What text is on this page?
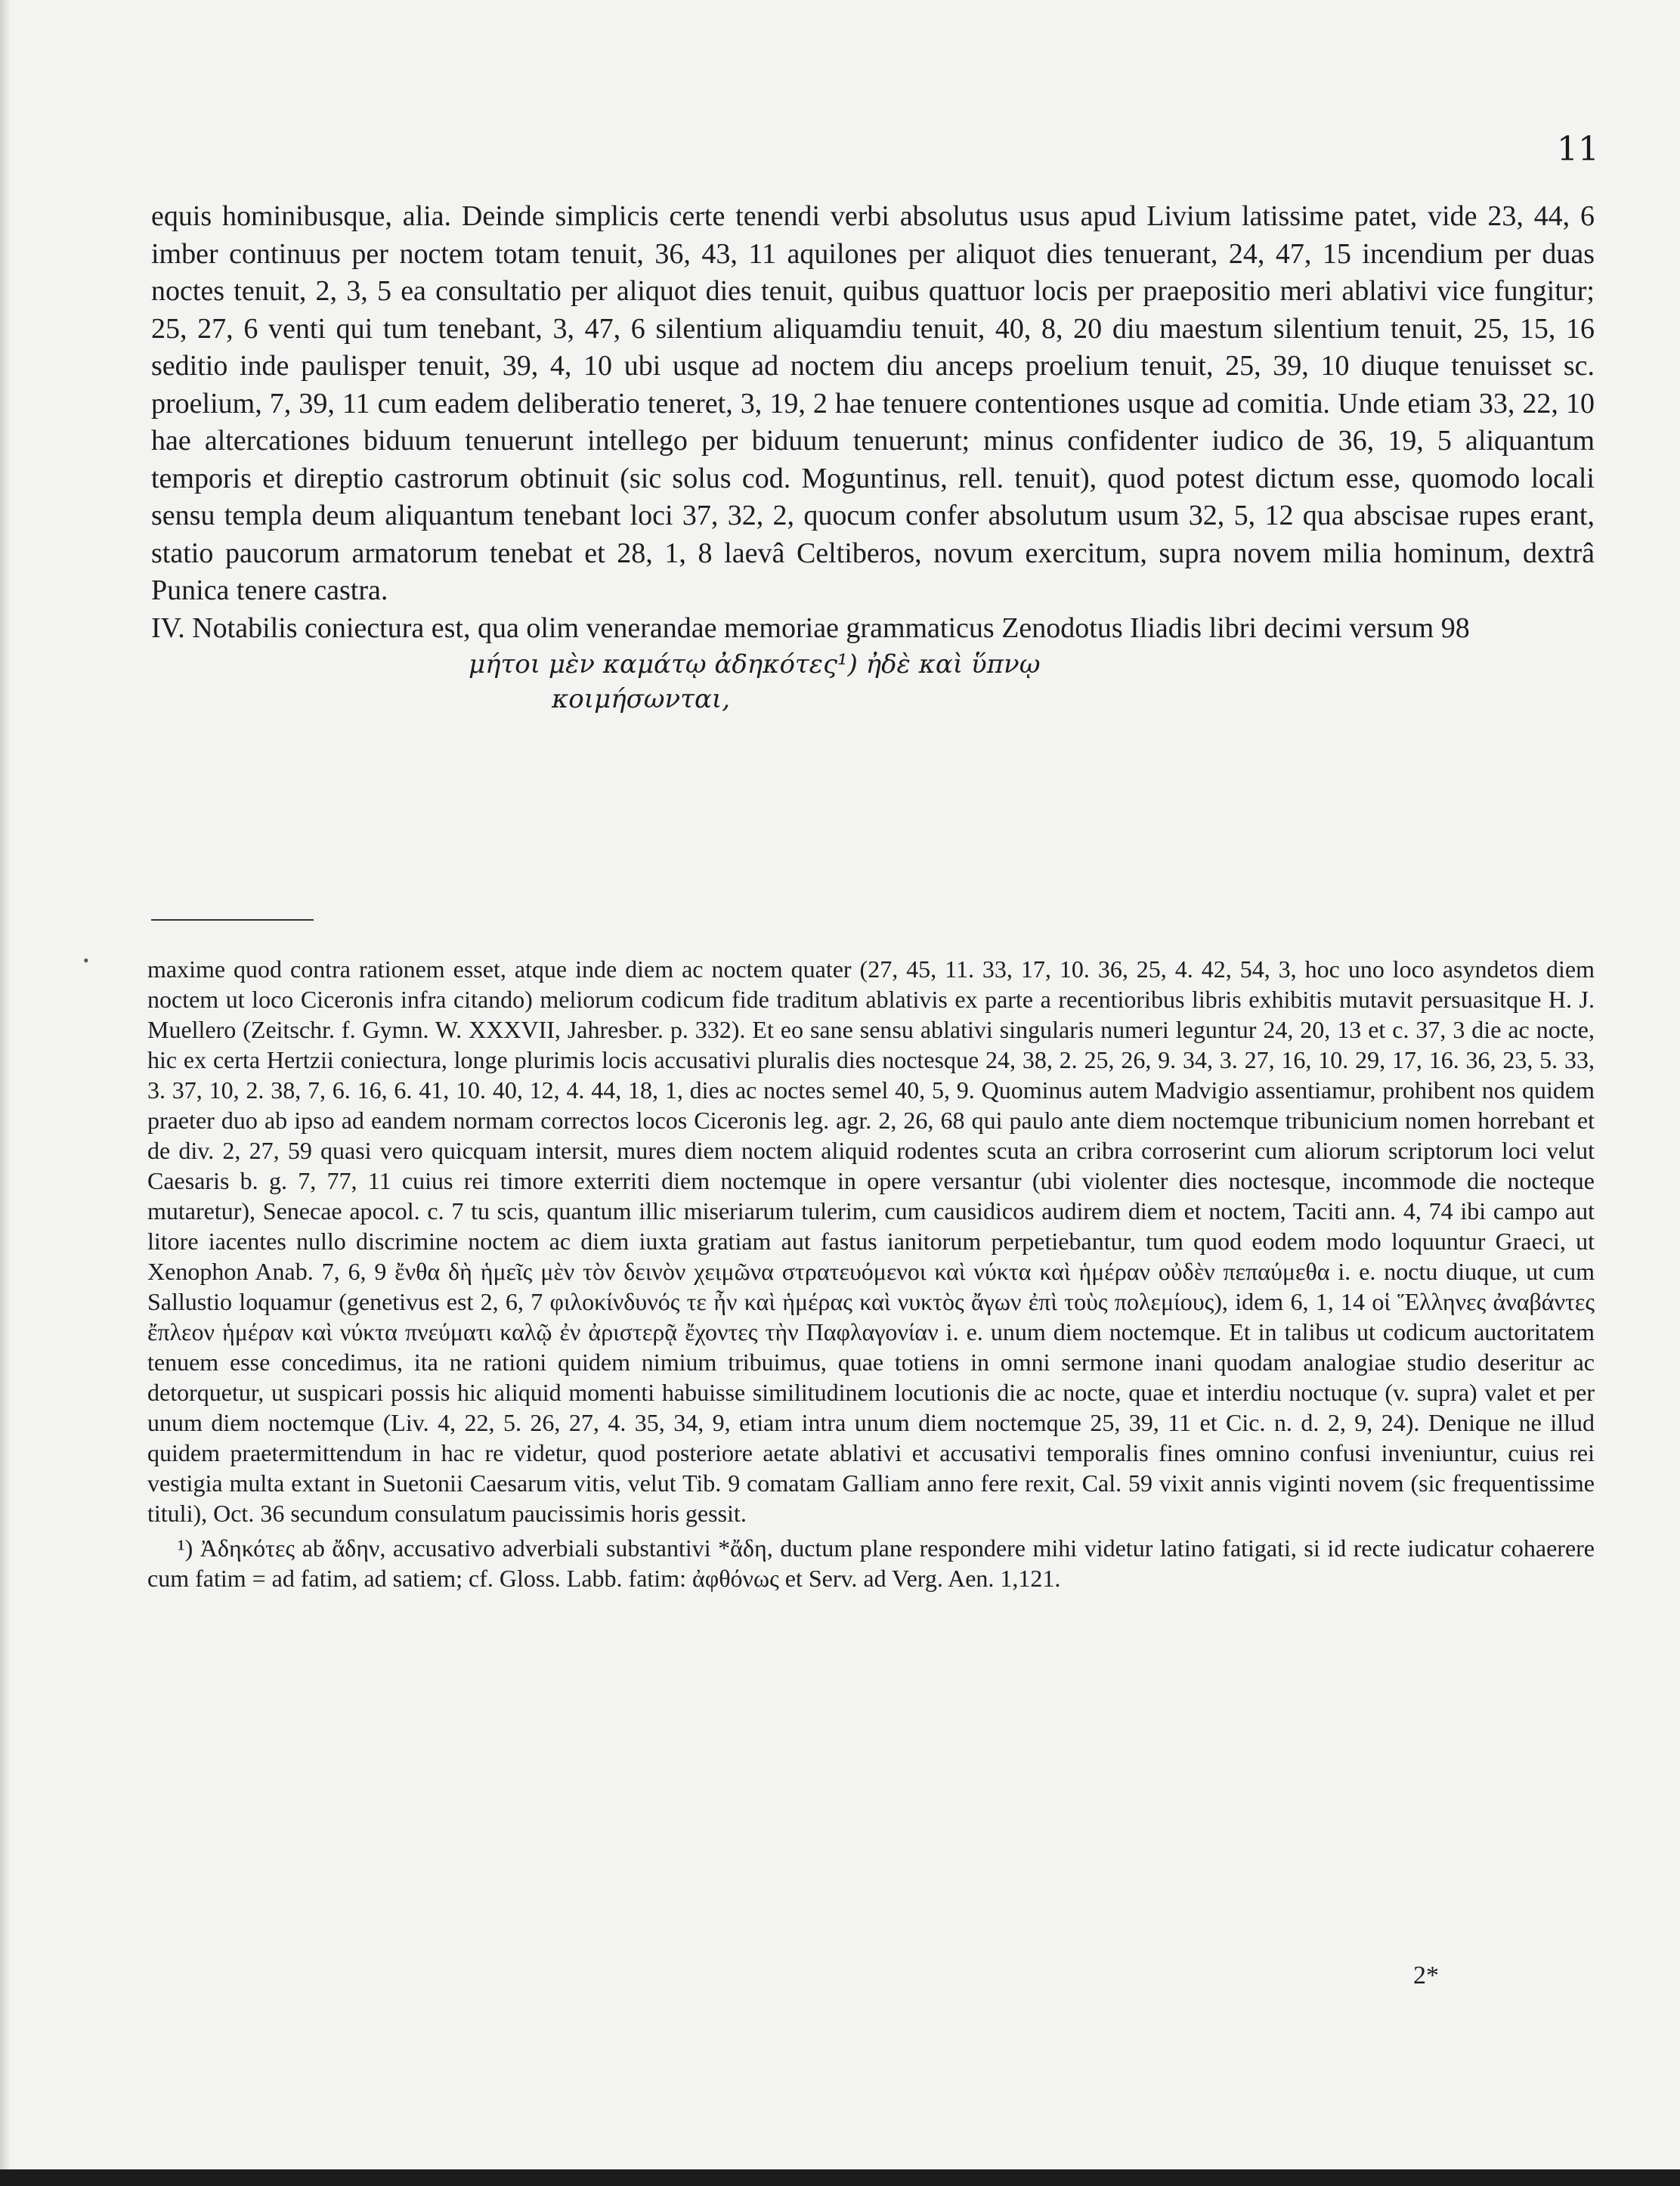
11

equis hominibusque, alia. Deinde simplicis certe tenendi verbi absolutus usus apud Livium latissime patet, vide 23, 44, 6 imber continuus per noctem totam tenuit, 36, 43, 11 aquilones per aliquot dies tenuerant, 24, 47, 15 incendium per duas noctes tenuit, 2, 3, 5 ea consultatio per aliquot dies tenuit, quibus quattuor locis per praepositio meri ablativi vice fungitur; 25, 27, 6 venti qui tum tenebant, 3, 47, 6 silentium aliquamdiu tenuit, 40, 8, 20 diu maestum silentium tenuit, 25, 15, 16 seditio inde paulisper tenuit, 39, 4, 10 ubi usque ad noctem diu anceps proelium tenuit, 25, 39, 10 diuque tenuisset sc. proelium, 7, 39, 11 cum eadem deliberatio teneret, 3, 19, 2 hae tenuere contentiones usque ad comitia. Unde etiam 33, 22, 10 hae altercationes biduum tenuerunt intellego per biduum tenuerunt; minus confidenter iudico de 36, 19, 5 aliquantum temporis et direptio castrorum obtinuit (sic solus cod. Moguntinus, rell. tenuit), quod potest dictum esse, quomodo locali sensu templa deum aliquantum tenebant loci 37, 32, 2, quocum confer absolutum usum 32, 5, 12 qua abscisae rupes erant, statio paucorum armatorum tenebat et 28, 1, 8 laevâ Celtiberos, novum exercitum, supra novem milia hominum, dextrâ Punica tenere castra.

IV. Notabilis coniectura est, qua olim venerandae memoriae grammaticus Zenodotus Iliadis libri decimi versum 98

μήτοι μὲν καμάτῳ ἀδηκότες¹) ἠδὲ καὶ ὕπνῳ
κοιμήσωνται,
• maxime quod contra rationem esset, atque inde diem ac noctem quater (27, 45, 11. 33, 17, 10. 36, 25, 4. 42, 54, 3, hoc uno loco asyndetos diem noctem ut loco Ciceronis infra citando) meliorum codicum fide traditum ablativis ex parte a recentioribus libris exhibitis mutavit persuasitque H. J. Muellero (Zeitschr. f. Gymn. W. XXXVII, Jahresber. p. 332). Et eo sane sensu ablativi singularis numeri leguntur 24, 20, 13 et c. 37, 3 die ac nocte, hic ex certa Hertzii coniectura, longe plurimis locis accusativi pluralis dies noctesque 24, 38, 2. 25, 26, 9. 34, 3. 27, 16, 10. 29, 17, 16. 36, 23, 5. 33, 3. 37, 10, 2. 38, 7, 6. 16, 6. 41, 10. 40, 12, 4. 44, 18, 1, dies ac noctes semel 40, 5, 9. Quominus autem Madvigio assentiamur, prohibent nos quidem praeter duo ab ipso ad eandem normam correctos locos Ciceronis leg. agr. 2, 26, 68 qui paulo ante diem noctemque tribunicium nomen horrebant et de div. 2, 27, 59 quasi vero quicquam intersit, mures diem noctem aliquid rodentes scuta an cribra corroserint cum aliorum scriptorum loci velut Caesaris b. g. 7, 77, 11 cuius rei timore exterriti diem noctemque in opere versantur (ubi violenter dies noctesque, incommode die nocteque mutaretur), Senecae apocol. c. 7 tu scis, quantum illic miseriarum tulerim, cum causidicos audirem diem et noctem, Taciti ann. 4, 74 ibi campo aut litore iacentes nullo discrimine noctem ac diem iuxta gratiam aut fastus ianitorum perpetiebantur, tum quod eodem modo loquuntur Graeci, ut Xenophon Anab. 7, 6, 9 ἔνθα δὴ ἡμεῖς μὲν τὸν δεινὸν χειμῶνα στρατευόμενοι καὶ νύκτα καὶ ἡμέραν οὐδὲν πεπαύμεθα i. e. noctu diuque, ut cum Sallustio loquamur (genetivus est 2, 6, 7 φιλοκίνδυνός τε ἦν καὶ ἡμέρας καὶ νυκτὸς ἄγων ἐπὶ τοὺς πολεμίους), idem 6, 1, 14 οἱ Ἕλληνες ἀναβάντες ἔπλεον ἡμέραν καὶ νύκτα πνεύματι καλῷ ἐν ἀριστερᾷ ἔχοντες τὴν Παφλαγονίαν i. e. unum diem noctemque. Et in talibus ut codicum auctoritatem tenuem esse concedimus, ita ne rationi quidem nimium tribuimus, quae totiens in omni sermone inani quodam analogiae studio deseritur ac detorquetur, ut suspicari possis hic aliquid momenti habuisse similitudinem locutionis die ac nocte, quae et interdiu noctuque (v. supra) valet et per unum diem noctemque (Liv. 4, 22, 5. 26, 27, 4. 35, 34, 9, etiam intra unum diem noctemque 25, 39, 11 et Cic. n. d. 2, 9, 24). Denique ne illud quidem praetermittendum in hac re videtur, quod posteriore aetate ablativi et accusativi temporalis fines omnino confusi inveniuntur, cuius rei vestigia multa extant in Suetonii Caesarum vitis, velut Tib. 9 comatam Galliam anno fere rexit, Cal. 59 vixit annis viginti novem (sic frequentissime tituli), Oct. 36 secundum consulatum paucissimis horis gessit.

¹) Ἀδηκότες ab ἄδην, accusativo adverbiali substantivi *ἄδη, ductum plane respondere mihi videtur latino fatigati, si id recte iudicatur cohaerere cum fatim = ad fatim, ad satiem; cf. Gloss. Labb. fatim: ἀφθόνως et Serv. ad Verg. Aen. 1,121.

2*
